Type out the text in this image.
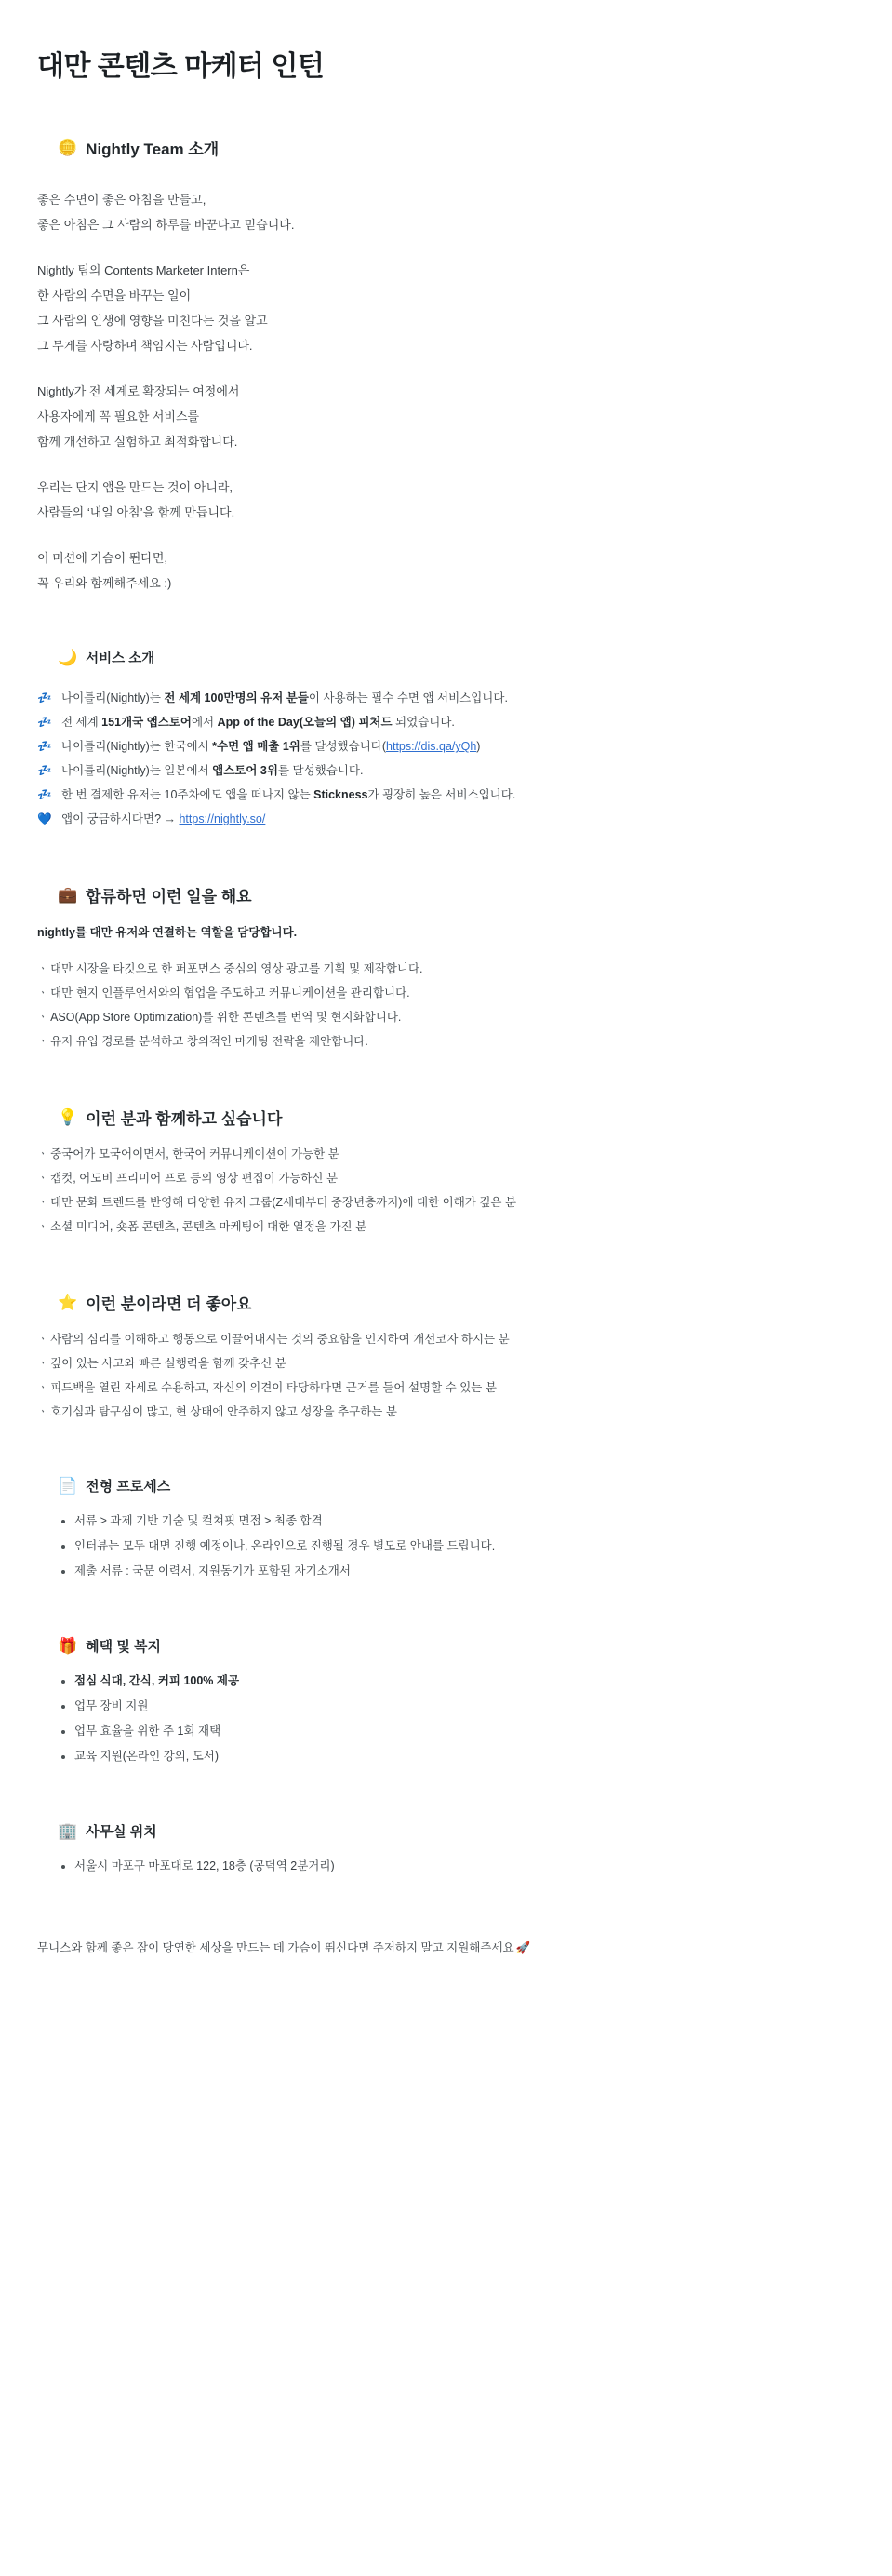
대만 콘텐츠 마케터 인턴
🪙 Nightly Team 소개
좋은 수면이 좋은 아침을 만들고,
좋은 아침은 그 사람의 하루를 바꾼다고 믿습니다.
Nightly 팀의 Contents Marketer Intern은
한 사람의 수면을 바꾸는 일이
그 사람의 인생에 영향을 미친다는 것을 알고
그 무게를 사랑하며 책임지는 사람입니다.
Nightly가 전 세계로 확장되는 여정에서
사용자에게 꼭 필요한 서비스를
함께 개선하고 실험하고 최적화합니다.
우리는 단지 앱을 만드는 것이 아니라,
사람들의 ‘내일 아침’을 함께 만듭니다.
이 미션에 가슴이 뛴다면,
꼭 우리와 함께해주세요 :)
🌙 서비스 소개
💤 나이틀리(Nightly)는 전 세계 100만명의 유저 분들이 사용하는 필수 수면 앱 서비스입니다.
💤 전 세계 151개국 앱스토어에서 App of the Day(오늘의 앱) 피처드 되었습니다.
💤 나이틀리(Nightly)는 한국에서 *수면 앱 매출 1위를 달성했습니다(https://dis.qa/yQh)
💤 나이틀리(Nightly)는 일본에서 앱스토어 3위를 달성했습니다.
💤 한 번 결제한 유저는 10주차에도 앱을 떠나지 않는 Stickness가 굉장히 높은 서비스입니다.
💙 앱이 궁금하시다면? → https://nightly.so/
💼 합류하면 이런 일을 해요
nightly를 대만 유저와 연결하는 역할을 담당합니다.
ㆍ 대만 시장을 타깃으로 한 퍼포먼스 중심의 영상 광고를 기획 및 제작합니다.
ㆍ 대만 현지 인플루언서와의 협업을 주도하고 커뮤니케이션을 관리합니다.
ㆍ ASO(App Store Optimization)를 위한 콘텐츠를 번역 및 현지화합니다.
ㆍ 유저 유입 경로를 분석하고 창의적인 마케팅 전략을 제안합니다.
💡 이런 분과 함께하고 싶습니다
ㆍ 중국어가 모국어이면서, 한국어 커뮤니케이션이 가능한 분
ㆍ 캡컷, 어도비 프리미어 프로 등의 영상 편집이 가능하신 분
ㆍ 대만 문화 트렌드를 반영해 다양한 유저 그룹(Z세대부터 중장년층까지)에 대한 이해가 깊은 분
ㆍ 소셜 미디어, 숏폼 콘텐츠, 콘텐츠 마케팅에 대한 열정을 가진 분
⭐ 이런 분이라면 더 좋아요
ㆍ 사람의 심리를 이해하고 행동으로 이끌어내시는 것의 중요함을 인지하여 개선코자 하시는 분
ㆍ 깊이 있는 사고와 빠른 실행력을 함께 갖추신 분
ㆍ 피드백을 열린 자세로 수용하고, 자신의 의견이 타당하다면 근거를 들어 설명할 수 있는 분
ㆍ 호기심과 탐구심이 많고, 현 상태에 안주하지 않고 성장을 추구하는 분
📄 전형 프로세스
서류 > 과제 기반 기술 및 컬쳐핏 면접 > 최종 합격
인터뷰는 모두 대면 진행 예정이나, 온라인으로 진행될 경우 별도로 안내를 드립니다.
제출 서류 : 국문 이력서, 지원동기가 포함된 자기소개서
🎁 혜택 및 복지
점심 식대, 간식, 커피 100% 제공
업무 장비 지원
업무 효율을 위한 주 1회 재택
교육 지원(온라인 강의, 도서)
🏢 사무실 위치
서울시 마포구 마포대로 122, 18층 (공덕역 2분거리)
무니스와 함께 좋은 잠이 당연한 세상을 만드는 데 가슴이 뛰신다면 주저하지 말고 지원해주세요 🚀
